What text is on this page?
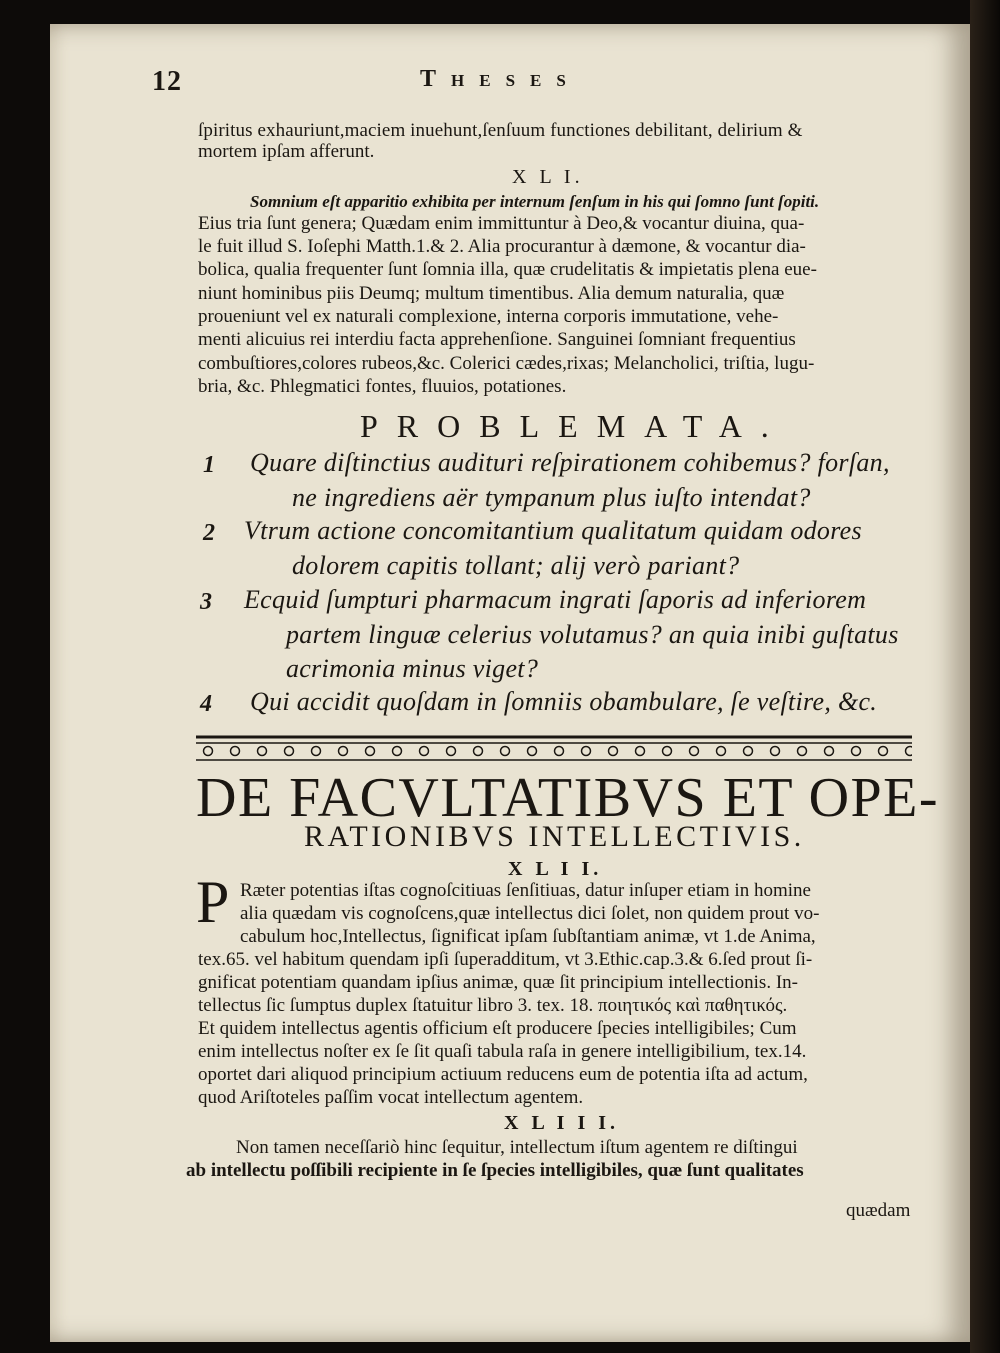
12	Theses
ſpiritus exhauriunt,maciem inuehunt,ſenſuum functiones debilitant, delirium &
mortem ipſam afferunt.
X L I.
Somnium eſt apparitio exhibita per internum ſenſum in his qui ſomno ſunt ſopiti.
Eius tria ſunt genera; Quædam enim immittuntur à Deo,& vocantur diuina, qua-
le fuit illud S. Ioſephi Matth.1.& 2. Alia procurantur à dæmone, & vocantur dia-
bolica, qualia frequenter ſunt ſomnia illa, quæ crudelitatis & impietatis plena eue-
niunt hominibus piis Deumq; multum timentibus. Alia demum naturalia, quæ
proueniunt vel ex naturali complexione, interna corporis immutatione, vehe-
menti alicuius rei interdiu facta apprehenſione. Sanguinei ſomniant frequentius
combuſtiores,colores rubeos,&c. Colerici cædes,rixas; Melancholici, triſtia, lugu-
bria, &c. Phlegmatici fontes, fluuios, potationes.
PROBLEMATA.
1 Quare diſtinctius audituri reſpirationem cohibemus? forſan,
ne ingrediens aër tympanum plus iuſto intendat?
2 Vtrum actione concomitantium qualitatum quidam odores
dolorem capitis tollant; alij verò pariant?
3 Ecquid ſumpturi pharmacum ingrati ſaporis ad inferiorem
partem linguæ celerius volutamus? an quia inibi guſtatus
acrimonia minus viget?
4 Qui accidit quoſdam in ſomniis obambulare, ſe veſtire, &c.
DE FACVLTATIBVS ET OPE-
RATIONIBVS INTELLECTIVIS.
X L I I.
P Ræter potentias iſtas cognoſcitiuas ſenſitiuas, datur inſuper etiam in homine
alia quædam vis cognoſcens,quæ intellectus dici ſolet, non quidem prout vo-
cabulum hoc,Intellectus, ſignificat ipſam ſubſtantiam animæ, vt 1.de Anima,
tex.65. vel habitum quendam ipſi ſuperadditum, vt 3.Ethic.cap.3.& 6.ſed prout ſi-
gnificat potentiam quandam ipſius animæ, quæ ſit principium intellectionis. In-
tellectus ſic ſumptus duplex ſtatuitur libro 3. tex. 18. ποιητικός καὶ παθητικός.
Et quidem intellectus agentis officium eſt producere ſpecies intelligibiles; Cum
enim intellectus noſter ex ſe ſit quaſi tabula raſa in genere intelligibilium, tex.14.
oportet dari aliquod principium actiuum reducens eum de potentia iſta ad actum,
quod Ariſtoteles paſſim vocat intellectum agentem.
X L I I I.
Non tamen neceſſariò hinc ſequitur, intellectum iſtum agentem re diſtingui
ab intellectu poſſibili recipiente in ſe ſpecies intelligibiles, quæ ſunt qualitates
quædam
